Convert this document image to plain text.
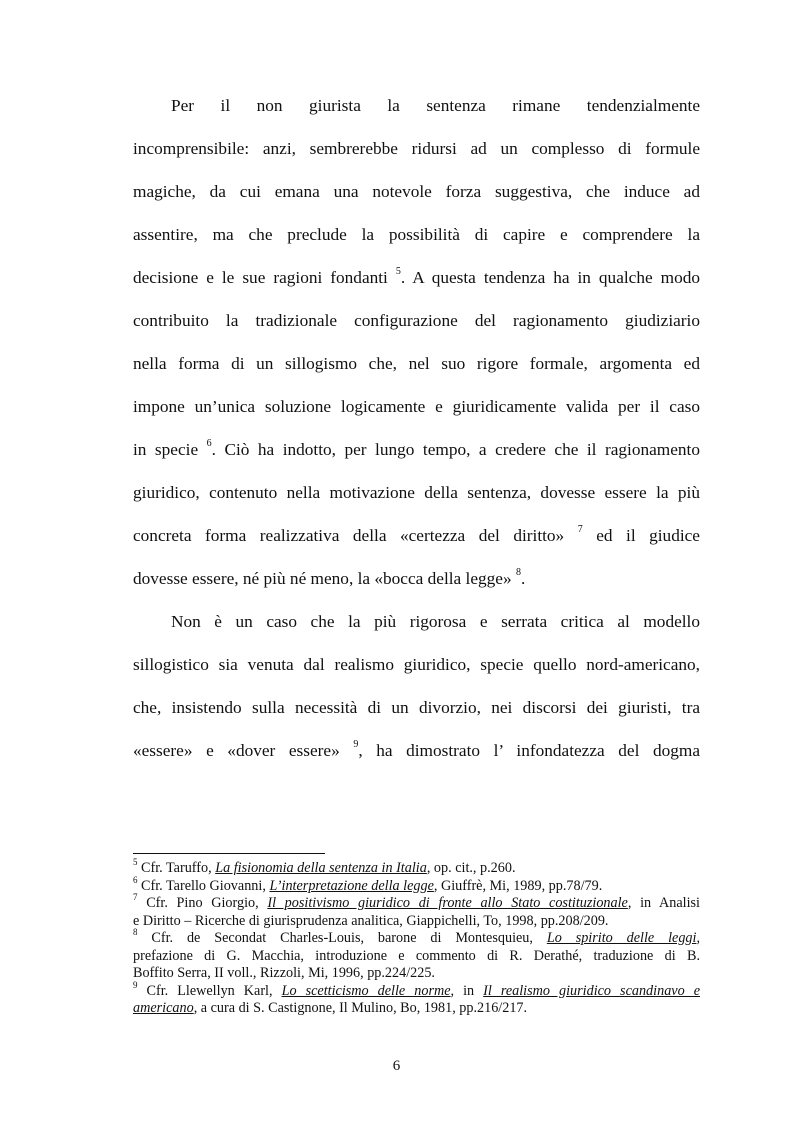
Per il non giurista la sentenza rimane tendenzialmente
incomprensibile: anzi, sembrerebbe ridursi ad un complesso di formule
magiche, da cui emana una notevole forza suggestiva, che induce ad
assentire, ma che preclude la possibilità di capire e comprendere la
decisione e le sue ragioni fondanti $^5$. A questa tendenza ha in qualche modo
contribuito la tradizionale configurazione del ragionamento giudiziario
nella forma di un sillogismo che, nel suo rigore formale, argomenta ed
impone un’unica soluzione logicamente e giuridicamente valida per il caso
in specie $^6$. Ciò ha indotto, per lungo tempo, a credere che il ragionamento
giuridico, contenuto nella motivazione della sentenza, dovesse essere la più
concreta forma realizzativa della «certezza del diritto» $^7$ ed il giudice
dovesse essere, né più né meno, la «bocca della legge» $^8$.
Non è un caso che la più rigorosa e serrata critica al modello
sillogistico sia venuta dal realismo giuridico, specie quello nord-americano,
che, insistendo sulla necessità di un divorzio, nei discorsi dei giuristi, tra
«essere» e «dover essere» $^9$, ha dimostrato l’ infondatezza del dogma
$^5$ Cfr. Taruffo, La fisionomia della sentenza in Italia, op. cit., p.260.
$^6$ Cfr. Tarello Giovanni, L’interpretazione della legge, Giuffrè, Mi, 1989, pp.78/79.
$^7$ Cfr. Pino Giorgio, Il positivismo giuridico di fronte allo Stato costituzionale, in Analisi
e Diritto – Ricerche di giurisprudenza analitica, Giappichelli, To, 1998, pp.208/209.
$^8$ Cfr. de Secondat Charles-Louis, barone di Montesquieu, Lo spirito delle leggi,
prefazione di G. Macchia, introduzione e commento di R. Derathé, traduzione di B.
Boffito Serra, II voll., Rizzoli, Mi, 1996, pp.224/225.
$^9$ Cfr. Llewellyn Karl, Lo scetticismo delle norme, in Il realismo giuridico scandinavo e
americano, a cura di S. Castignone, Il Mulino, Bo, 1981, pp.216/217.
6
